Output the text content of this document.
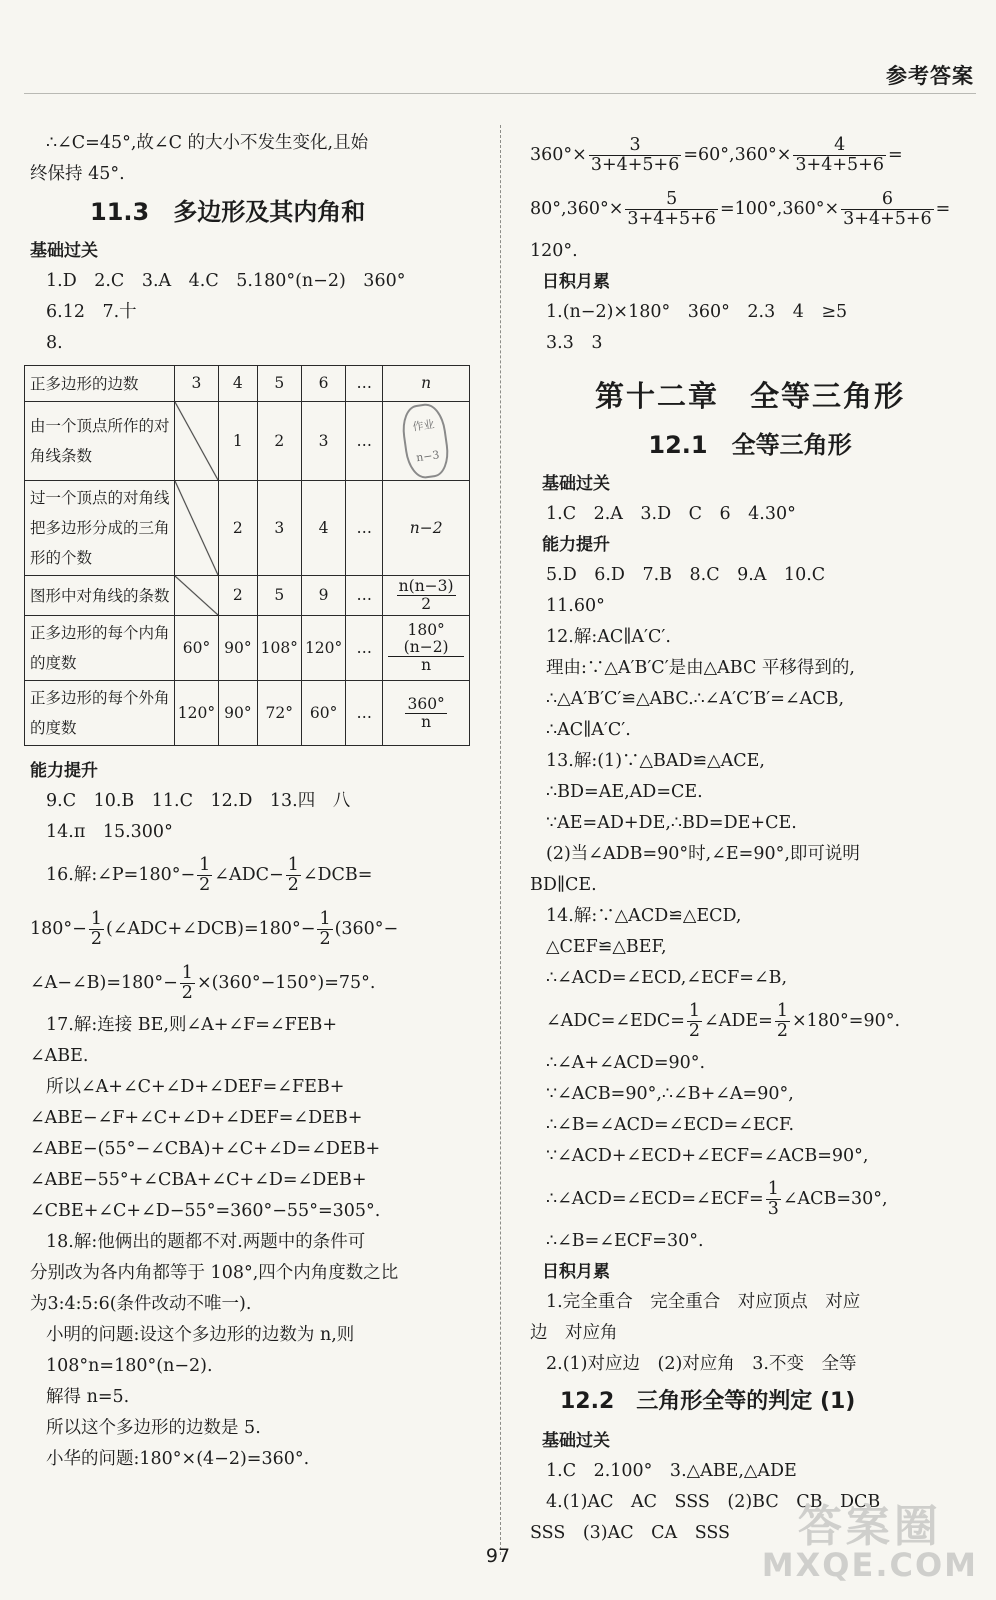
参考答案
∴∠C=45°,故∠C 的大小不发生变化,且始
终保持 45°.
11.3　多边形及其内角和
基础过关
1.D　2.C　3.A　4.C　5.180°(n−2)　360°
6.12　7.十
8.
正多边形的边数	3	4	5	6	…	n
由一个顶点所作的对角线条数		1	2	3	…	作业
n−3
过一个顶点的对角线把多边形分成的三角形的个数		2	3	4	…	n−2
图形中对角线的条数		2	5	9	…	$\frac{n(n-3)}{2}$

正多边形的每个内角的度数	60°	90°	108°	120°	…	$\frac{180^\circ(n-2)}{n}$

正多边形的每个外角的度数	120°	90°	72°	60°	…	$\frac{360^\circ}{n}$
能力提升
9.C　10.B　11.C　12.D　13.四　八
14.π　15.300°
16.解:∠P=180°− $\frac{1}{2}$ ∠ADC− $\frac{1}{2}$ ∠DCB=
$180^\circ- \frac{1}{2}$ (∠ADC+∠DCB)=180°− $\frac{1}{2} (360^\circ-$
∠A−∠B)=180°− $\frac{1}{2} \times(360^\circ-150^\circ)=75^\circ$.
17.解:连接 BE,则∠A+∠F=∠FEB+
∠ABE.
所以∠A+∠C+∠D+∠DEF=∠FEB+
∠ABE−∠F+∠C+∠D+∠DEF=∠DEB+
∠ABE−(55°−∠CBA)+∠C+∠D=∠DEB+
∠ABE−55°+∠CBA+∠C+∠D=∠DEB+
∠CBE+∠C+∠D−55°=360°−55°=305°.
18.解:他俩出的题都不对.两题中的条件可
分别改为各内角都等于 108°,四个内角度数之比
为3:4:5:6(条件改动不唯一).
小明的问题:设这个多边形的边数为 n,则
108°n=180°(n−2).
解得 n=5.
所以这个多边形的边数是 5.
小华的问题:180°×(4−2)=360°.
$360^\circ\times \frac{3}{3+4+5+6} =60^\circ,360^\circ\times \frac{4}{3+4+5+6}$ =
$80^\circ,360^\circ\times \frac{5}{3+4+5+6} =100^\circ,360^\circ\times \frac{6}{3+4+5+6}$ =
120°.
日积月累
1.(n−2)×180°　360°　2.3　4　≥5
3.3　3
第十二章　全等三角形
12.1　全等三角形
基础过关
1.C　2.A　3.D　C　6　4.30°
能力提升
5.D　6.D　7.B　8.C　9.A　10.C
11.60°
12.解:AC∥A′C′.
理由:∵△A′B′C′是由△ABC 平移得到的,
∴△A′B′C′≌△ABC.∴∠A′C′B′=∠ACB,
∴AC∥A′C′.
13.解:(1)∵△BAD≌△ACE,
∴BD=AE,AD=CE.
∵AE=AD+DE,∴BD=DE+CE.
(2)当∠ADB=90°时,∠E=90°,即可说明
BD∥CE.
14.解:∵△ACD≌△ECD,
△CEF≌△BEF,
∴∠ACD=∠ECD,∠ECF=∠B,
∠ADC=∠EDC= $\frac{1}{2}$ ∠ADE= $\frac{1}{2} \times 180^\circ=90^\circ$.
∴∠A+∠ACD=90°.
∵∠ACB=90°,∴∠B+∠A=90°,
∴∠B=∠ACD=∠ECD=∠ECF.
∵∠ACD+∠ECD+∠ECF=∠ACB=90°,
∴∠ACD=∠ECD=∠ECF= $\frac{1}{3}$ ∠ACB=30°,
∴∠B=∠ECF=30°.
日积月累
1.完全重合　完全重合　对应顶点　对应
边　对应角
2.(1)对应边　(2)对应角　3.不变　全等
12.2　三角形全等的判定 (1)
基础过关
1.C　2.100°　3.△ABE,△ADE
4.(1)AC　AC　SSS　(2)BC　CB　DCB
SSS　(3)AC　CA　SSS
97
答案圈
MXQE.COM
